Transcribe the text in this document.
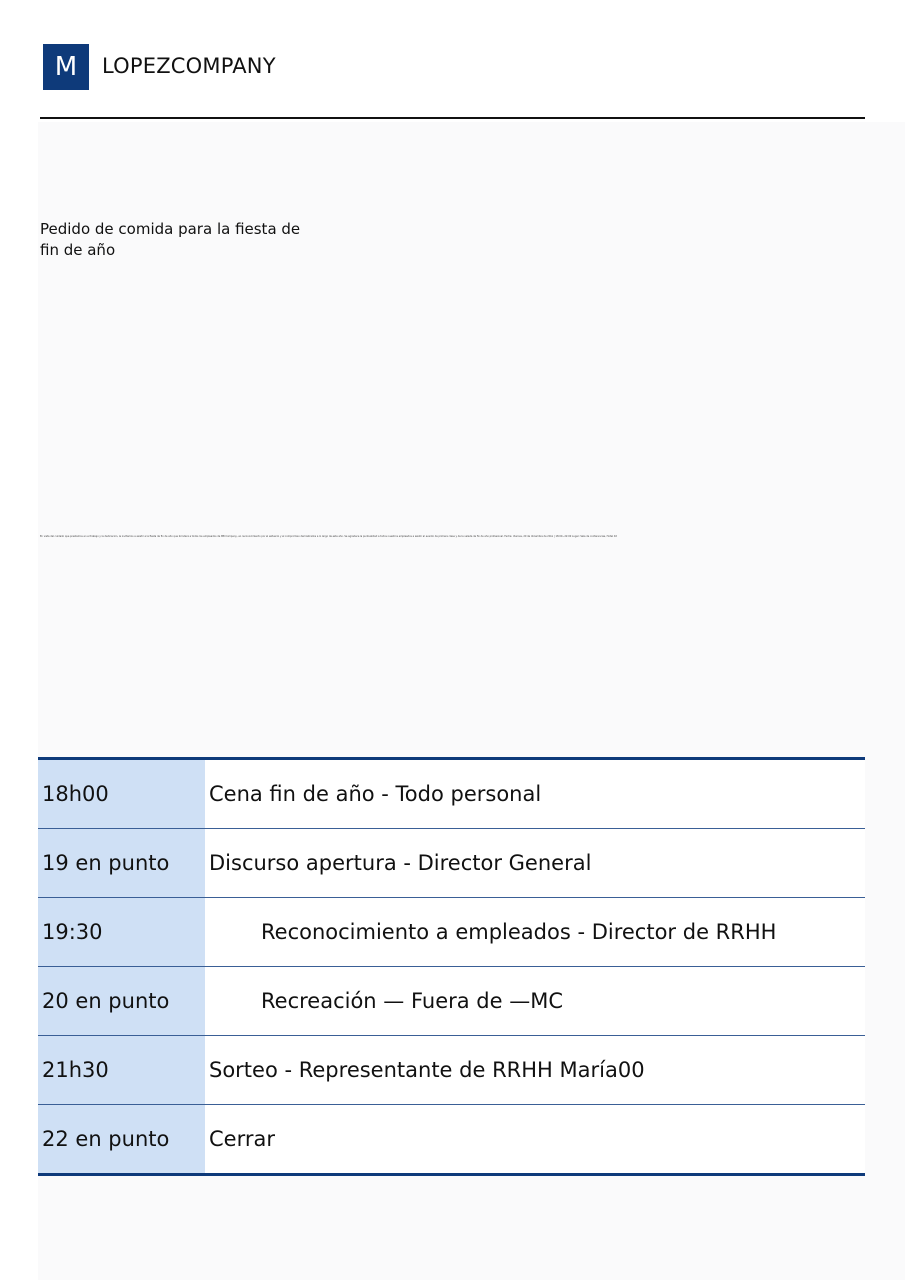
M	LOPEZCOMPANY
Pedido de comida para la fiesta de
fin de año
En vista del cuidado que prestamos en el trabajo y la dedicación, le invitamos a asistir a la fiesta de fin de año que brindará a todos los empleados de MB Company, en reconocimiento por el esfuerzo y el compromiso demostrados a lo largo de este año. Se agradece la puntualidad a todos nuestros empleados a asistir al evento de primera clase y de la velada de fin de año profesional. Fecha: Viernes, 20 de diciembre de 20xx | 18:00~22:00 Lugar: Sala de conferencias, Hotel XX
18h00	Cena fin de año - Todo personal
19 en punto	Discurso apertura - Director General
19:30	Reconocimiento a empleados - Director de RRHH
20 en punto	Recreación — Fuera de —MC
21h30	Sorteo - Representante de RRHH María00
22 en punto	Cerrar
